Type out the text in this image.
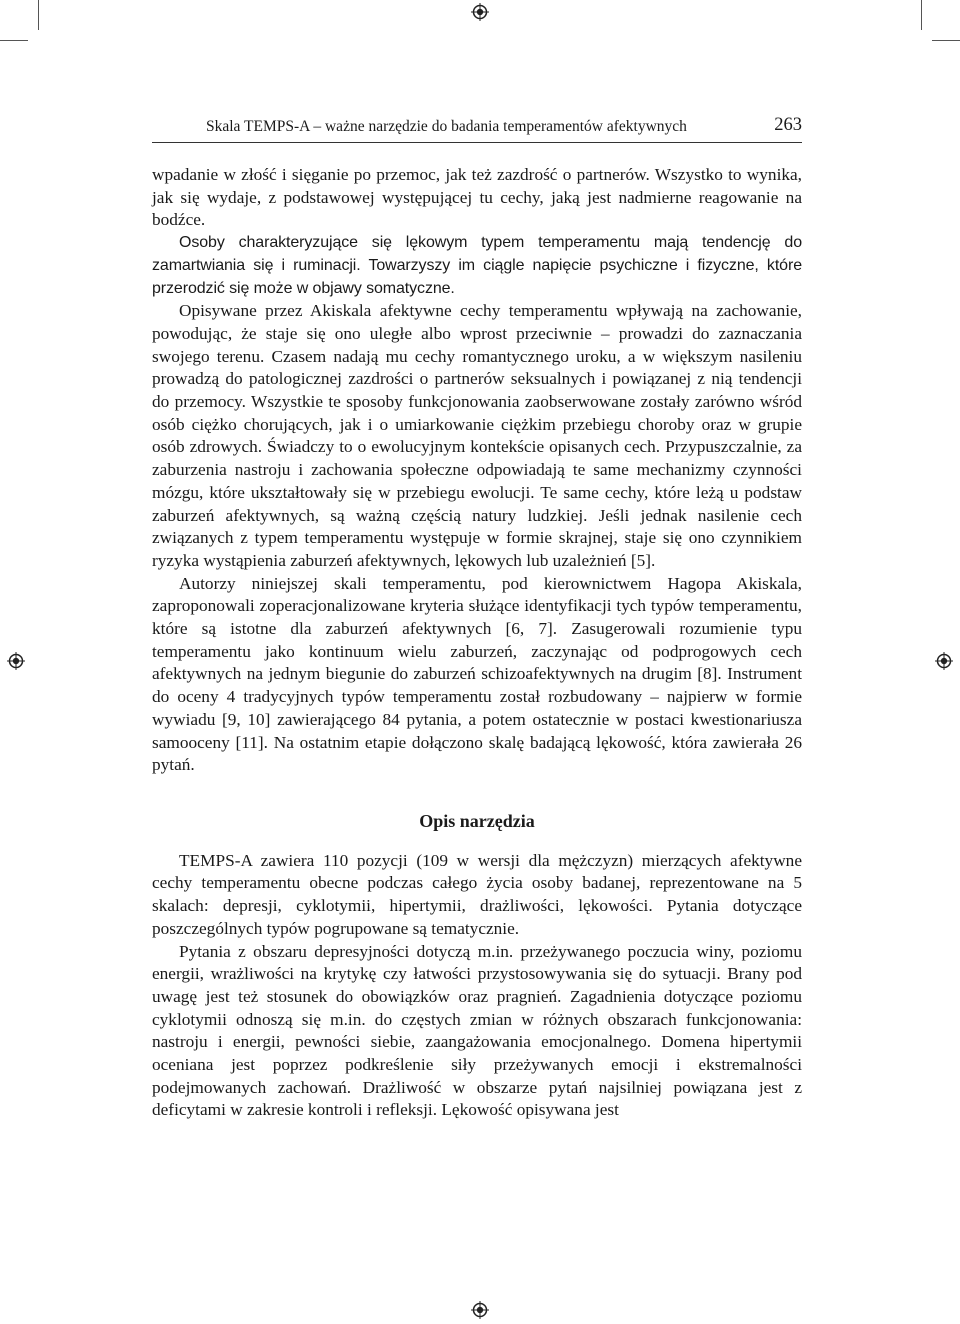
Skala TEMPS-A – ważne narzędzie do badania temperamentów afektywnych	263

wpadanie w złość i sięganie po przemoc, jak też zazdrość o partnerów. Wszystko to wynika, jak się wydaje, z podstawowej występującej tu cechy, jaką jest nadmierne reagowanie na bodźce.

Osoby charakteryzujące się lękowym typem temperamentu mają tendencję do zamartwiania się i ruminacji. Towarzyszy im ciągle napięcie psychiczne i fizyczne, które przerodzić się może w objawy somatyczne.

Opisywane przez Akiskala afektywne cechy temperamentu wpływają na zachowanie, powodując, że staje się ono uległe albo wprost przeciwnie – prowadzi do zaznaczania swojego terenu. Czasem nadają mu cechy romantycznego uroku, a w większym nasileniu prowadzą do patologicznej zazdrości o partnerów seksualnych i powiązanej z nią tendencji do przemocy. Wszystkie te sposoby funkcjonowania zaobserwowane zostały zarówno wśród osób ciężko chorujących, jak i o umiarkowanie ciężkim przebiegu choroby oraz w grupie osób zdrowych. Świadczy to o ewolucyjnym kontekście opisanych cech. Przypuszczalnie, za zaburzenia nastroju i zachowania społeczne odpowiadają te same mechanizmy czynności mózgu, które ukształtowały się w przebiegu ewolucji. Te same cechy, które leżą u podstaw zaburzeń afektywnych, są ważną częścią natury ludzkiej. Jeśli jednak nasilenie cech związanych z typem temperamentu występuje w formie skrajnej, staje się ono czynnikiem ryzyka wystąpienia zaburzeń afektywnych, lękowych lub uzależnień [5].

Autorzy niniejszej skali temperamentu, pod kierownictwem Hagopa Akiskala, zaproponowali zoperacjonalizowane kryteria służące identyfikacji tych typów temperamentu, które są istotne dla zaburzeń afektywnych [6, 7]. Zasugerowali rozumienie typu temperamentu jako kontinuum wielu zaburzeń, zaczynając od podprogowych cech afektywnych na jednym biegunie do zaburzeń schizoafektywnych na drugim [8]. Instrument do oceny 4 tradycyjnych typów temperamentu został rozbudowany – najpierw w formie wywiadu [9, 10] zawierającego 84 pytania, a potem ostatecznie w postaci kwestionariusza samooceny [11]. Na ostatnim etapie dołączono skalę badającą lękowość, która zawierała 26 pytań.

Opis narzędzia

TEMPS-A zawiera 110 pozycji (109 w wersji dla mężczyzn) mierzących afektywne cechy temperamentu obecne podczas całego życia osoby badanej, reprezentowane na 5 skalach: depresji, cyklotymii, hipertymii, drażliwości, lękowości. Pytania dotyczące poszczególnych typów pogrupowane są tematycznie.

Pytania z obszaru depresyjności dotyczą m.in. przeżywanego poczucia winy, poziomu energii, wrażliwości na krytykę czy łatwości przystosowywania się do sytuacji. Brany pod uwagę jest też stosunek do obowiązków oraz pragnień. Zagadnienia dotyczące poziomu cyklotymii odnoszą się m.in. do częstych zmian w różnych obszarach funkcjonowania: nastroju i energii, pewności siebie, zaangażowania emocjonalnego. Domena hipertymii oceniana jest poprzez podkreślenie siły przeżywanych emocji i ekstremalności podejmowanych zachowań. Drażliwość w obszarze pytań najsilniej powiązana jest z deficytami w zakresie kontroli i refleksji. Lękowość opisywana jest
